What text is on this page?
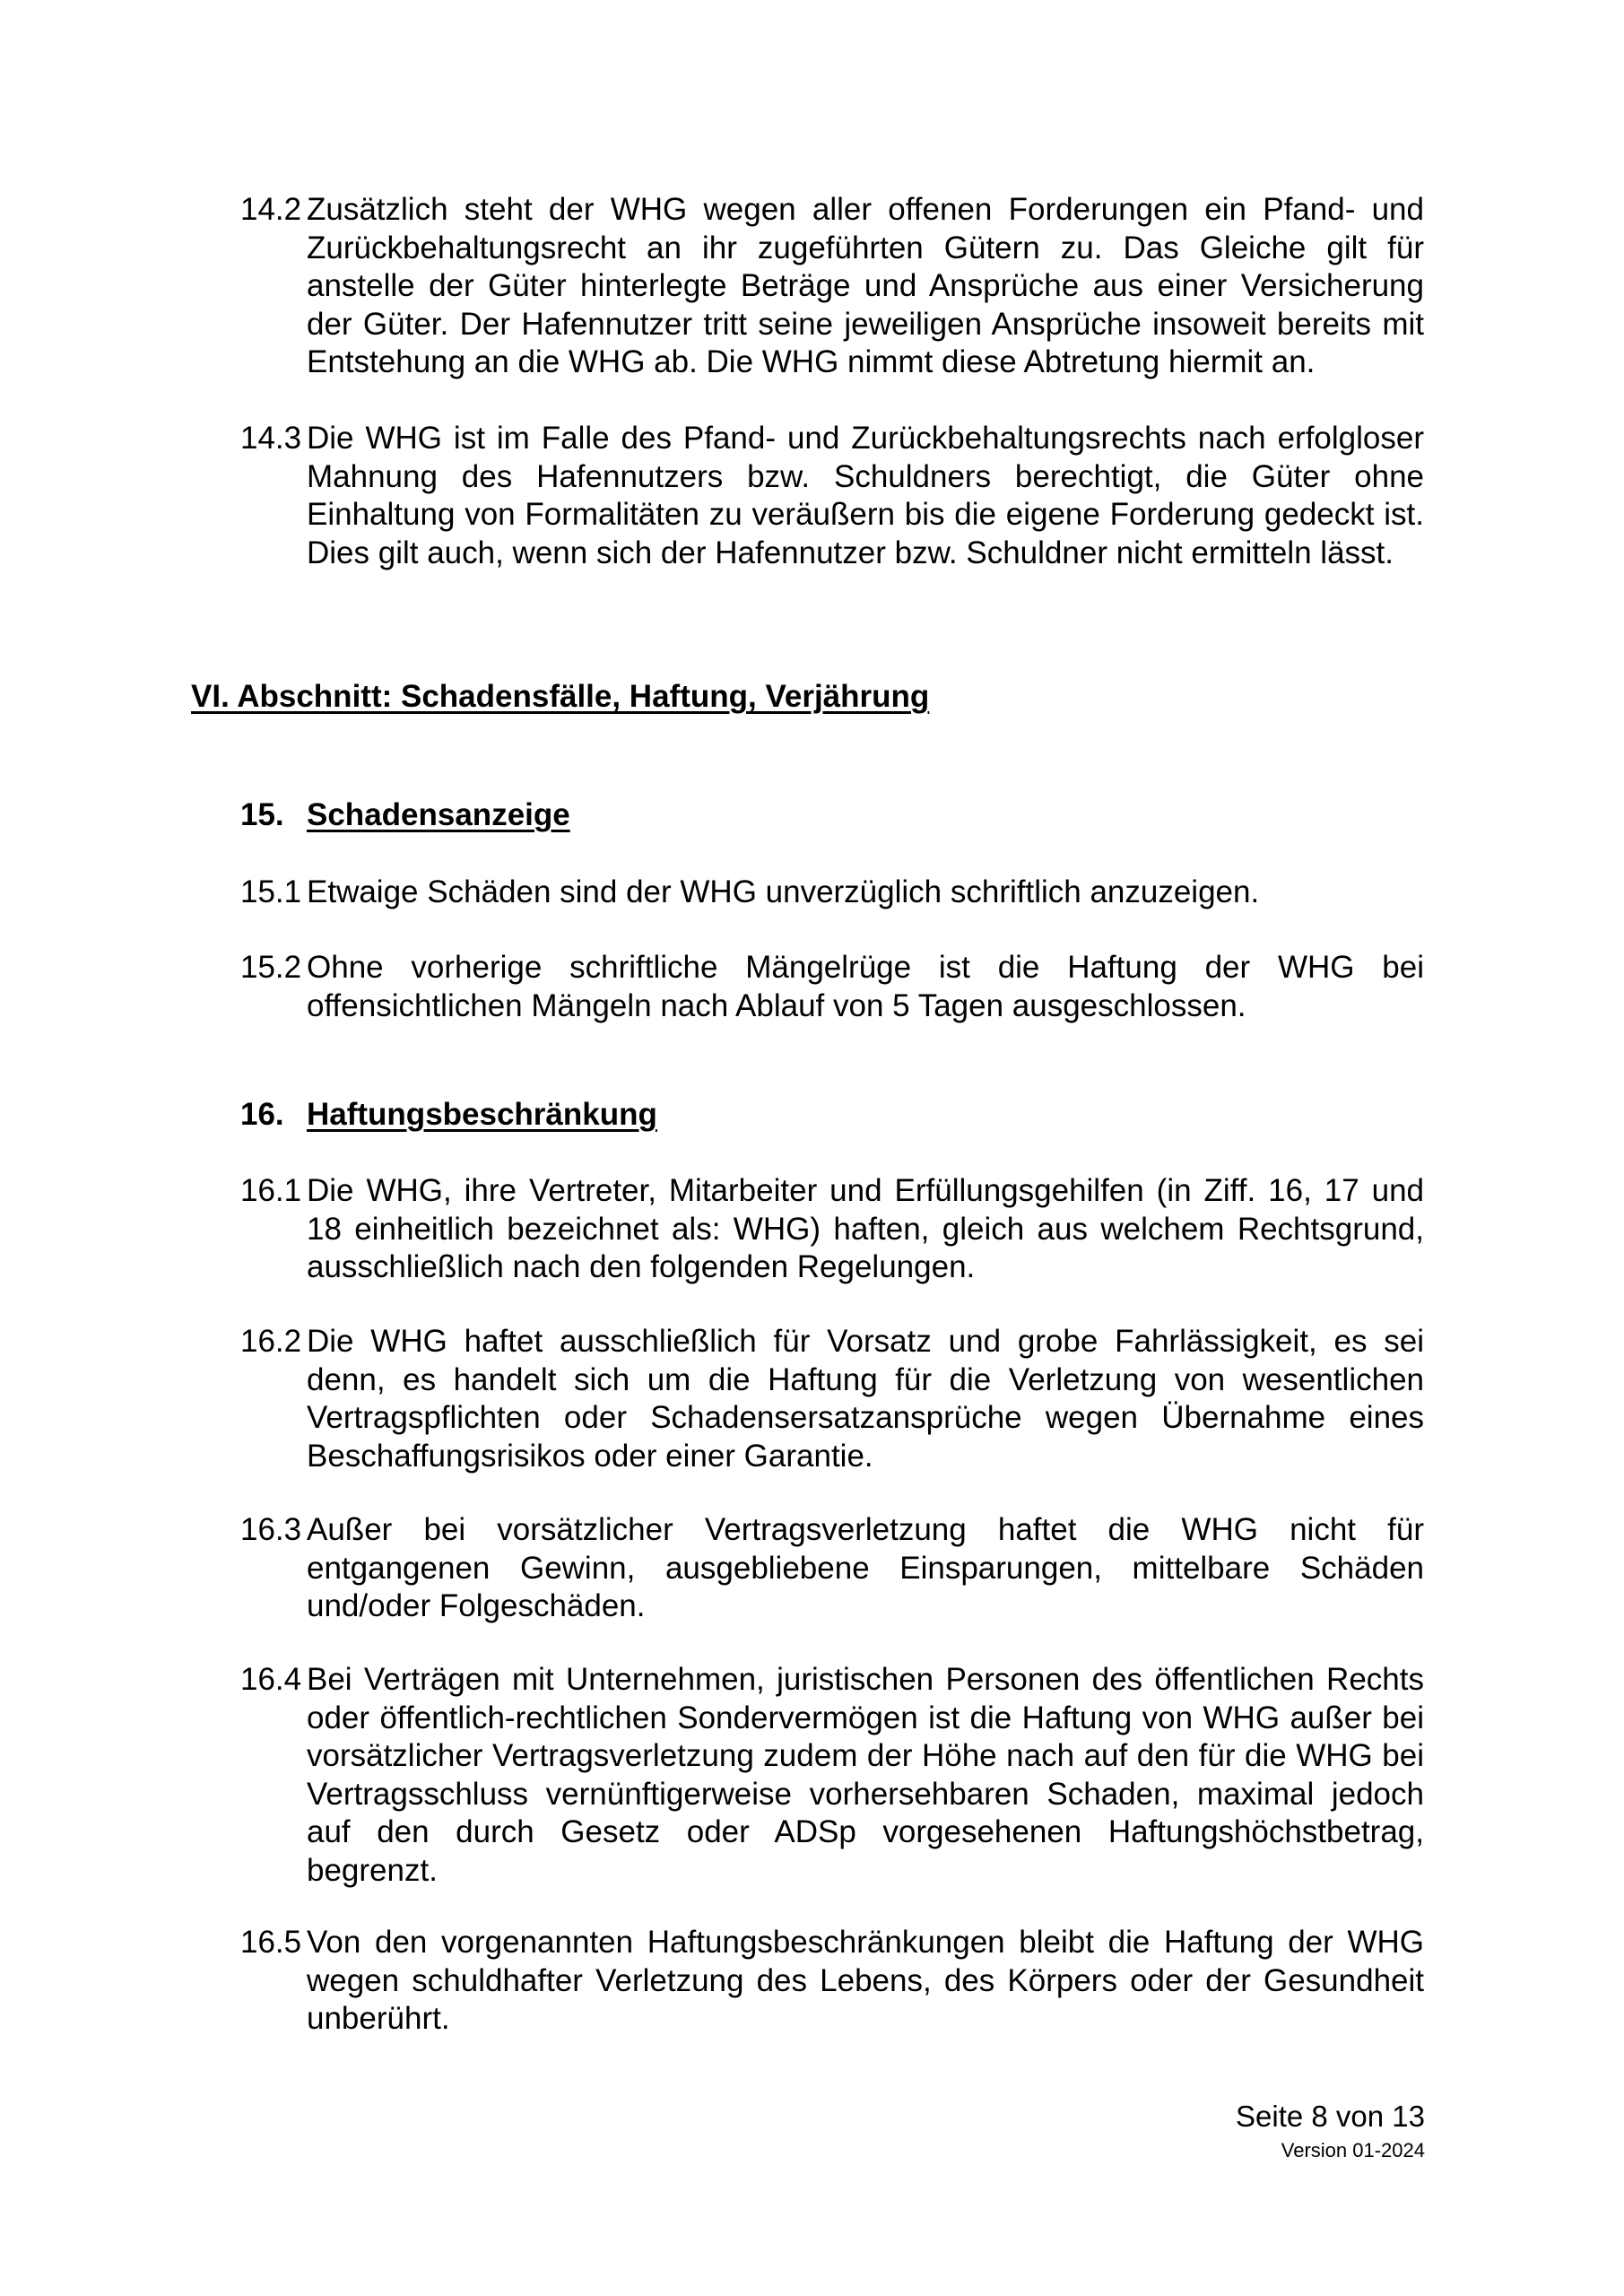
14.2 Zusätzlich steht der WHG wegen aller offenen Forderungen ein Pfand- und Zurückbehaltungsrecht an ihr zugeführten Gütern zu. Das Gleiche gilt für anstelle der Güter hinterlegte Beträge und Ansprüche aus einer Versicherung der Güter. Der Hafennutzer tritt seine jeweiligen Ansprüche insoweit bereits mit Entstehung an die WHG ab. Die WHG nimmt diese Abtretung hiermit an.
14.3 Die WHG ist im Falle des Pfand- und Zurückbehaltungsrechts nach erfolgloser Mahnung des Hafennutzers bzw. Schuldners berechtigt, die Güter ohne Einhaltung von Formalitäten zu veräußern bis die eigene Forderung gedeckt ist. Dies gilt auch, wenn sich der Hafennutzer bzw. Schuldner nicht ermitteln lässt.
VI. Abschnitt: Schadensfälle, Haftung, Verjährung
15. Schadensanzeige
15.1 Etwaige Schäden sind der WHG unverzüglich schriftlich anzuzeigen.
15.2 Ohne vorherige schriftliche Mängelrüge ist die Haftung der WHG bei offensichtlichen Mängeln nach Ablauf von 5 Tagen ausgeschlossen.
16. Haftungsbeschränkung
16.1 Die WHG, ihre Vertreter, Mitarbeiter und Erfüllungsgehilfen (in Ziff. 16, 17 und 18 einheitlich bezeichnet als: WHG) haften, gleich aus welchem Rechtsgrund, ausschließlich nach den folgenden Regelungen.
16.2 Die WHG haftet ausschließlich für Vorsatz und grobe Fahrlässigkeit, es sei denn, es handelt sich um die Haftung für die Verletzung von wesentlichen Vertragspflichten oder Schadensersatzansprüche wegen Übernahme eines Beschaffungsrisikos oder einer Garantie.
16.3 Außer bei vorsätzlicher Vertragsverletzung haftet die WHG nicht für entgangenen Gewinn, ausgebliebene Einsparungen, mittelbare Schäden und/oder Folgeschäden.
16.4 Bei Verträgen mit Unternehmen, juristischen Personen des öffentlichen Rechts oder öffentlich-rechtlichen Sondervermögen ist die Haftung von WHG außer bei vorsätzlicher Vertragsverletzung zudem der Höhe nach auf den für die WHG bei Vertragsschluss vernünftigerweise vorhersehbaren Schaden, maximal jedoch auf den durch Gesetz oder ADSp vorgesehenen Haftungshöchstbetrag, begrenzt.
16.5 Von den vorgenannten Haftungsbeschränkungen bleibt die Haftung der WHG wegen schuldhafter Verletzung des Lebens, des Körpers oder der Gesundheit unberührt.
Seite 8 von 13
Version 01-2024
